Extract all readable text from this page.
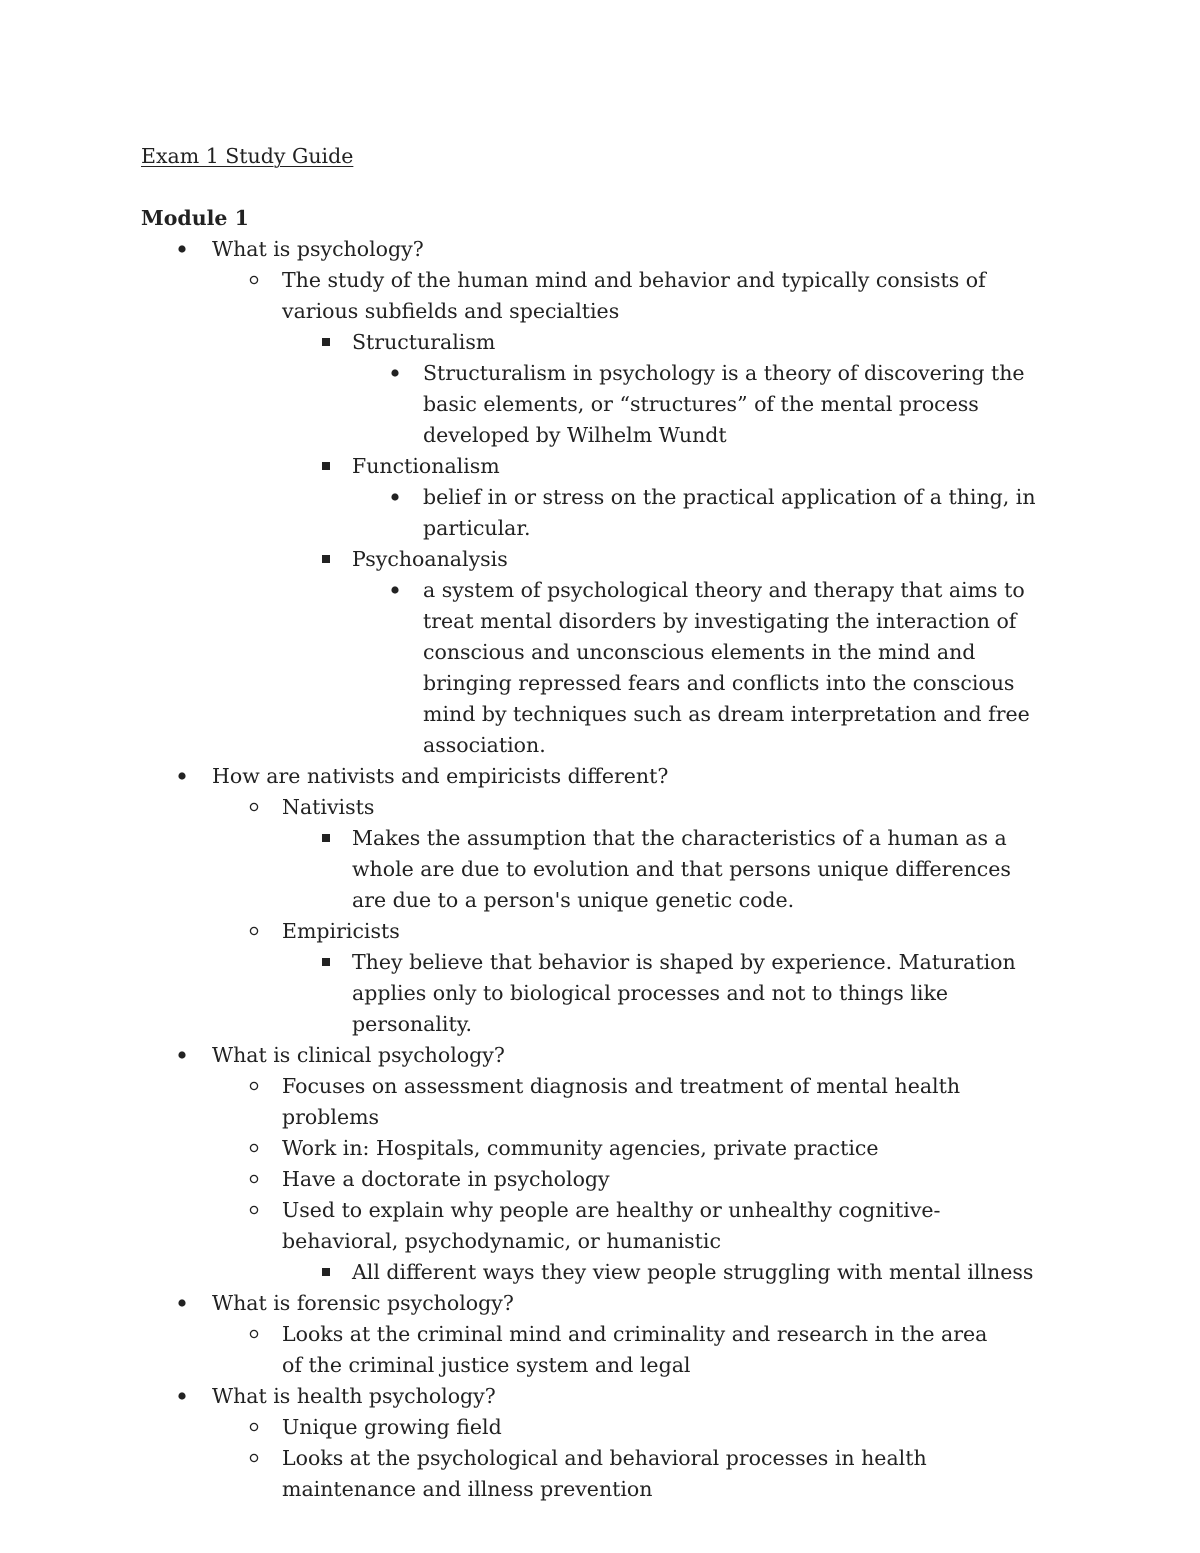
Exam 1 Study Guide
Module 1
What is psychology?
The study of the human mind and behavior and typically consists of various subfields and specialties
Structuralism
Structuralism in psychology is a theory of discovering the basic elements, or “structures” of the mental process developed by Wilhelm Wundt
Functionalism
belief in or stress on the practical application of a thing, in particular.
Psychoanalysis
a system of psychological theory and therapy that aims to treat mental disorders by investigating the interaction of conscious and unconscious elements in the mind and bringing repressed fears and conflicts into the conscious mind by techniques such as dream interpretation and free association.
How are nativists and empiricists different?
Nativists
Makes the assumption that the characteristics of a human as a whole are due to evolution and that persons unique differences are due to a person's unique genetic code.
Empiricists
They believe that behavior is shaped by experience. Maturation applies only to biological processes and not to things like personality.
What is clinical psychology?
Focuses on assessment diagnosis and treatment of mental health problems
Work in: Hospitals, community agencies, private practice
Have a doctorate in psychology
Used to explain why people are healthy or unhealthy cognitive-behavioral, psychodynamic, or humanistic
All different ways they view people struggling with mental illness
What is forensic psychology?
Looks at the criminal mind and criminality and research in the area of the criminal justice system and legal
What is health psychology?
Unique growing field
Looks at the psychological and behavioral processes in health maintenance and illness prevention
